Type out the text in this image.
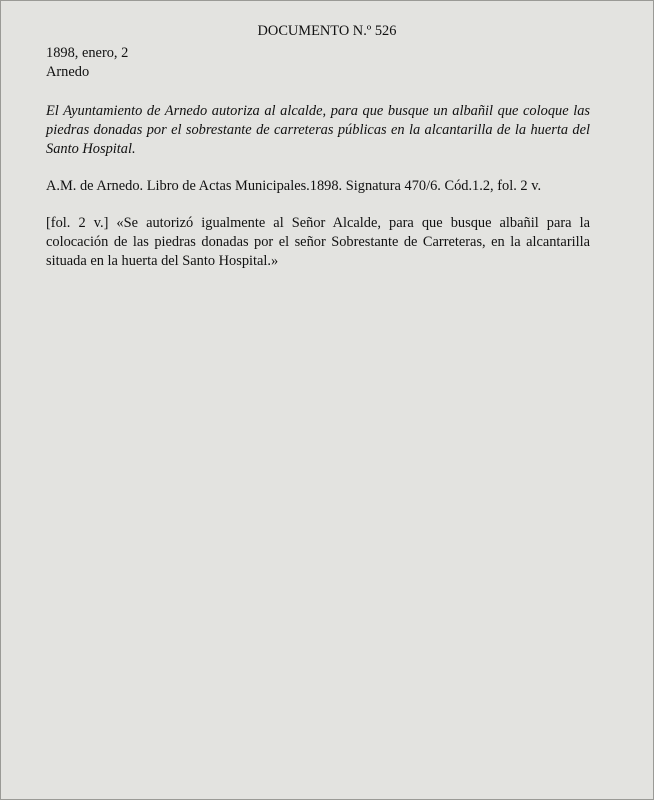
DOCUMENTO N.º 526
1898, enero, 2
Arnedo

El Ayuntamiento de Arnedo autoriza al alcalde, para que busque un albañil que coloque las piedras donadas por el sobrestante de carreteras públicas en la alcantarilla de la huerta del Santo Hospital.

A.M. de Arnedo. Libro de Actas Municipales.1898. Signatura 470/6. Cód.1.2, fol. 2 v.

[fol. 2 v.] «Se autorizó igualmente al Señor Alcalde, para que busque albañil para la colocación de las piedras donadas por el señor Sobrestante de Carreteras, en la alcantarilla situada en la huerta del Santo Hospital.»
